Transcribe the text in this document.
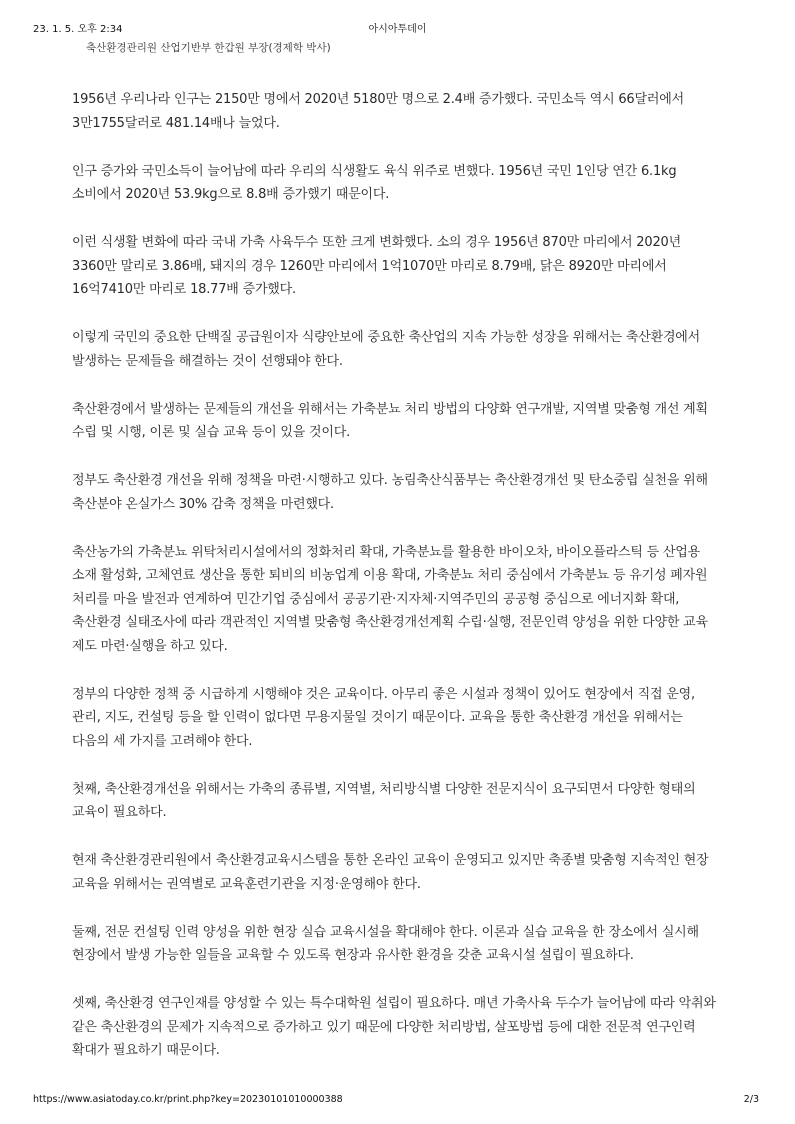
23. 1. 5. 오후 2:34	아시아투데이
축산환경관리원 산업기반부 한갑원 부장(경제학 박사)

1956년 우리나라 인구는 2150만 명에서 2020년 5180만 명으로 2.4배 증가했다. 국민소득 역시 66달러에서 3만1755달러로 481.14배나 늘었다.

인구 증가와 국민소득이 늘어남에 따라 우리의 식생활도 육식 위주로 변했다. 1956년 국민 1인당 연간 6.1kg 소비에서 2020년 53.9kg으로 8.8배 증가했기 때문이다.

이런 식생활 변화에 따라 국내 가축 사육두수 또한 크게 변화했다. 소의 경우 1956년 870만 마리에서 2020년 3360만 말리로 3.86배, 돼지의 경우 1260만 마리에서 1억1070만 마리로 8.79배, 닭은 8920만 마리에서 16억7410만 마리로 18.77배 증가했다.

이렇게 국민의 중요한 단백질 공급원이자 식량안보에 중요한 축산업의 지속 가능한 성장을 위해서는 축산환경에서 발생하는 문제들을 해결하는 것이 선행돼야 한다.

축산환경에서 발생하는 문제들의 개선을 위해서는 가축분뇨 처리 방법의 다양화 연구개발, 지역별 맞춤형 개선 계획 수립 및 시행, 이론 및 실습 교육 등이 있을 것이다.

정부도 축산환경 개선을 위해 정책을 마련·시행하고 있다. 농림축산식품부는 축산환경개선 및 탄소중립 실천을 위해 축산분야 온실가스 30% 감축 정책을 마련했다.

축산농가의 가축분뇨 위탁처리시설에서의 정화처리 확대, 가축분뇨를 활용한 바이오차, 바이오플라스틱 등 산업용 소재 활성화, 고체연료 생산을 통한 퇴비의 비농업계 이용 확대, 가축분뇨 처리 중심에서 가축분뇨 등 유기성 폐자원 처리를 마을 발전과 연계하여 민간기업 중심에서 공공기관·지자체·지역주민의 공공형 중심으로 에너지화 확대, 축산환경 실태조사에 따라 객관적인 지역별 맞춤형 축산환경개선계획 수립·실행, 전문인력 양성을 위한 다양한 교육 제도 마련·실행을 하고 있다.

정부의 다양한 정책 중 시급하게 시행해야 것은 교육이다. 아무리 좋은 시설과 정책이 있어도 현장에서 직접 운영, 관리, 지도, 컨설팅 등을 할 인력이 없다면 무용지물일 것이기 때문이다. 교육을 통한 축산환경 개선을 위해서는 다음의 세 가지를 고려해야 한다.

첫째, 축산환경개선을 위해서는 가축의 종류별, 지역별, 처리방식별 다양한 전문지식이 요구되면서 다양한 형태의 교육이 필요하다.

현재 축산환경관리원에서 축산환경교육시스템을 통한 온라인 교육이 운영되고 있지만 축종별 맞춤형 지속적인 현장 교육을 위해서는 권역별로 교육훈련기관을 지정·운영해야 한다.

둘째, 전문 컨설팅 인력 양성을 위한 현장 실습 교육시설을 확대해야 한다. 이론과 실습 교육을 한 장소에서 실시해 현장에서 발생 가능한 일들을 교육할 수 있도록 현장과 유사한 환경을 갖춘 교육시설 설립이 필요하다.

셋째, 축산환경 연구인재를 양성할 수 있는 특수대학원 설립이 필요하다. 매년 가축사육 두수가 늘어남에 따라 악취와 같은 축산환경의 문제가 지속적으로 증가하고 있기 때문에 다양한 처리방법, 살포방법 등에 대한 전문적 연구인력 확대가 필요하기 때문이다.

https://www.asiatoday.co.kr/print.php?key=20230101010000388	2/3
